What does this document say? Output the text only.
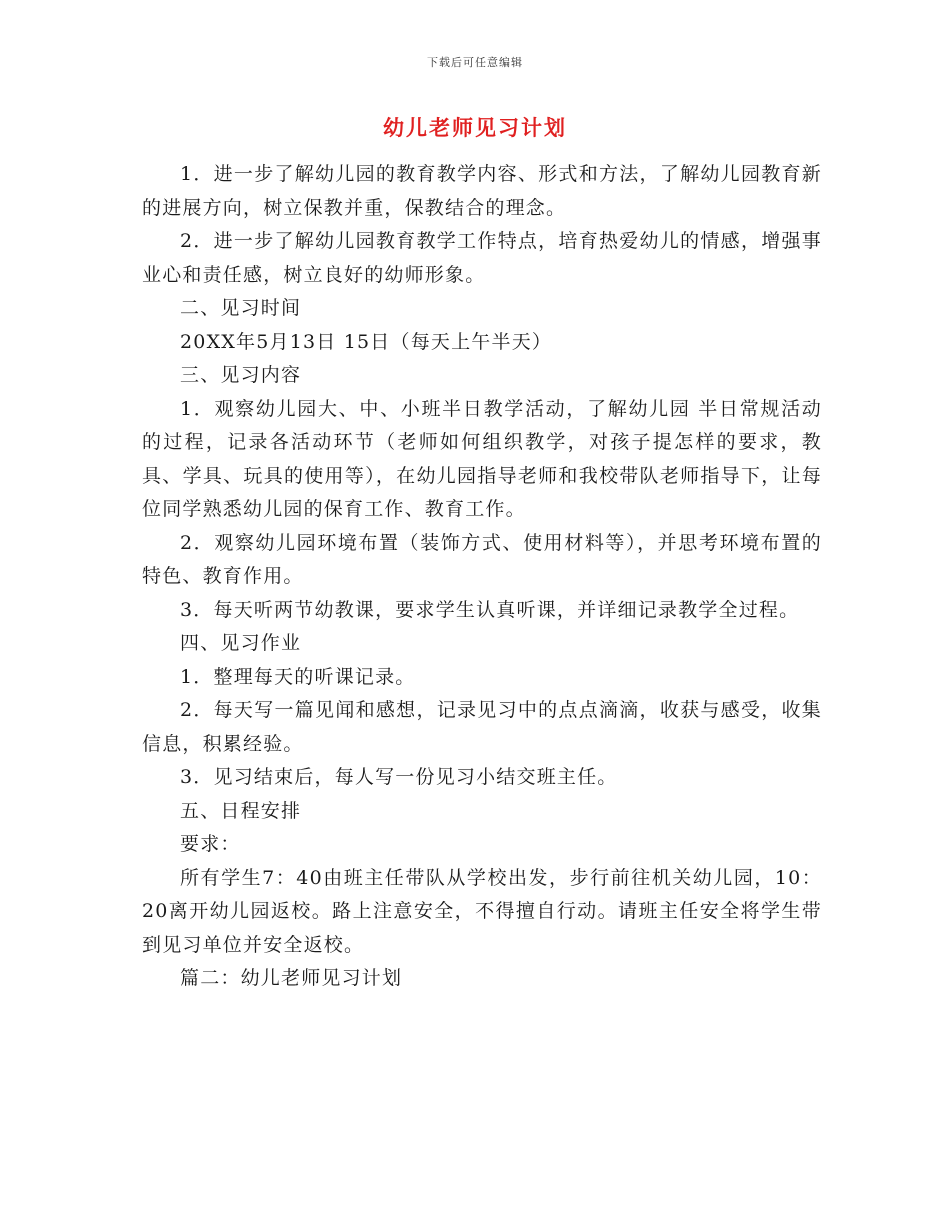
下载后可任意编辑
幼儿老师见习计划

1．进一步了解幼儿园的教育教学内容、形式和方法，了解幼儿园教育新的进展方向，树立保教并重，保教结合的理念。

2．进一步了解幼儿园教育教学工作特点，培育热爱幼儿的情感，增强事业心和责任感，树立良好的幼师形象。

二、见习时间

20XX年5月13日 15日（每天上午半天）

三、见习内容

1．观察幼儿园大、中、小班半日教学活动，了解幼儿园 半日常规活动 的过程，记录各活动环节（老师如何组织教学，对孩子提怎样的要求，教具、学具、玩具的使用等），在幼儿园指导老师和我校带队老师指导下，让每位同学熟悉幼儿园的保育工作、教育工作。

2．观察幼儿园环境布置（装饰方式、使用材料等），并思考环境布置的特色、教育作用。

3．每天听两节幼教课，要求学生认真听课，并详细记录教学全过程。

四、见习作业

1．整理每天的听课记录。

2．每天写一篇见闻和感想，记录见习中的点点滴滴，收获与感受，收集信息，积累经验。

3．见习结束后，每人写一份见习小结交班主任。

五、日程安排

要求：

所有学生7：40由班主任带队从学校出发，步行前往机关幼儿园，10：20离开幼儿园返校。路上注意安全，不得擅自行动。请班主任安全将学生带到见习单位并安全返校。

篇二：幼儿老师见习计划
